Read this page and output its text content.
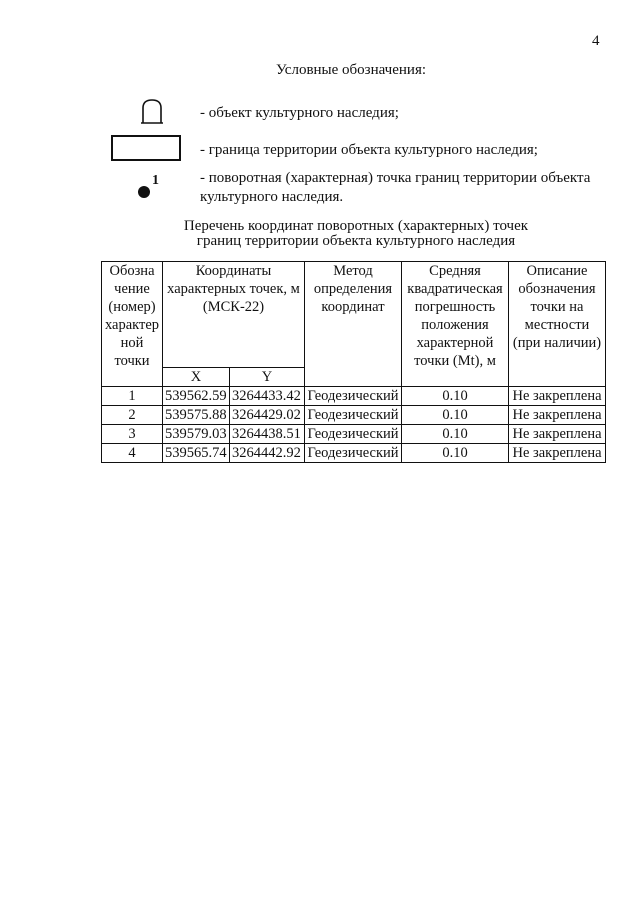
4
Условные обозначения:
- объект культурного наследия;
- граница территории объекта культурного наследия;
1	- поворотная (характерная) точка границ территории объекта культурного наследия.
Перечень координат поворотных (характерных) точек
границ территории объекта культурного наследия
Обозна чение (номер) характер ной точки	Координаты характерных точек, м (МСК-22)		Метод определения координат	Средняя квадратическая погрешность положения характерной точки (Mt), м	Описание обозначения точки на местности (при наличии)
	X	Y			
1	539562.59	3264433.42	Геодезический	0.10	Не закреплена
2	539575.88	3264429.02	Геодезический	0.10	Не закреплена
3	539579.03	3264438.51	Геодезический	0.10	Не закреплена
4	539565.74	3264442.92	Геодезический	0.10	Не закреплена
